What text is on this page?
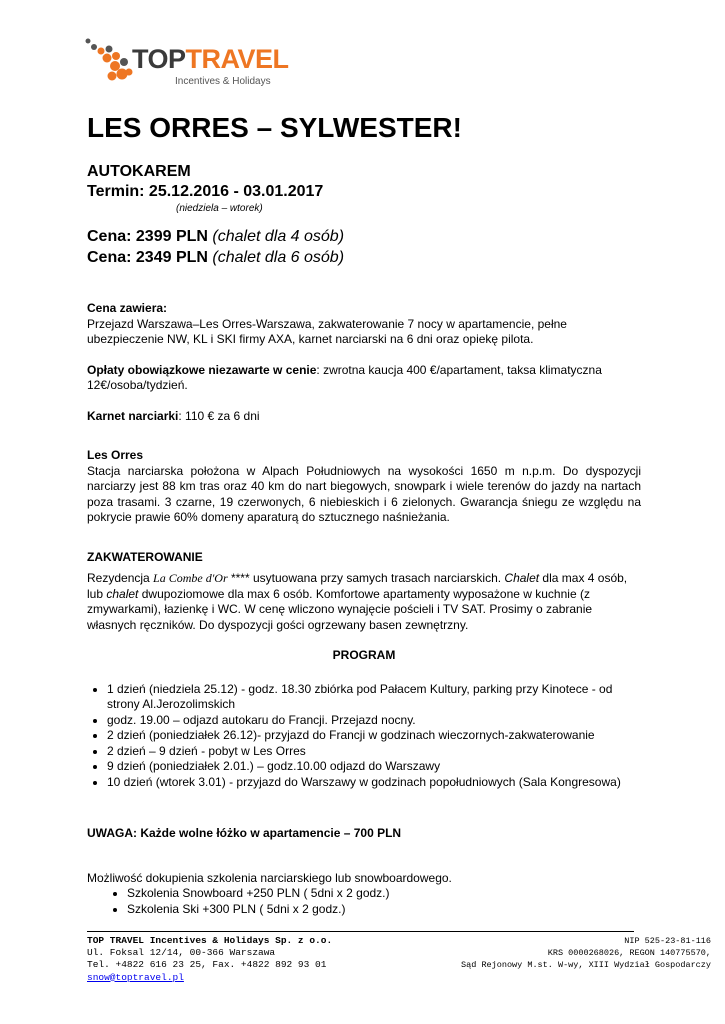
TOPTRAVEL
Incentives & Holidays
LES ORRES – SYLWESTER!
AUTOKAREM
Termin: 25.12.2016 - 03.01.2017
(niedziela – wtorek)
Cena: 2399 PLN (chalet dla 4 osób)
Cena: 2349 PLN (chalet dla 6 osób)

Cena zawiera:

Przejazd Warszawa–Les Orres-Warszawa, zakwaterowanie 7 nocy w apartamencie, pełne ubezpieczenie NW, KL i SKI firmy AXA, karnet narciarski na 6 dni oraz opiekę pilota.

Opłaty obowiązkowe niezawarte w cenie: zwrotna kaucja 400 €/apartament, taksa klimatyczna 12€/osoba/tydzień.

Karnet narciarki: 110 € za 6 dni

Les Orres

Stacja narciarska położona w Alpach Południowych na wysokości 1650 m n.p.m. Do dyspozycji narciarzy jest 88 km tras oraz 40 km do nart biegowych, snowpark i wiele terenów do jazdy na nartach poza trasami. 3 czarne, 19 czerwonych, 6 niebieskich i 6 zielonych. Gwarancja śniegu ze względu na pokrycie prawie 60% domeny aparaturą do sztucznego naśnieżania.

ZAKWATEROWANIE

Rezydencja La Combe d'Or **** usytuowana przy samych trasach narciarskich. Chalet dla max 4 osób, lub chalet dwupoziomowe dla max 6 osób. Komfortowe apartamenty wyposażone w kuchnie (z zmywarkami), łazienkę i WC. W cenę wliczono wynajęcie pościeli i TV SAT. Prosimy o zabranie własnych ręczników. Do dyspozycji gości ogrzewany basen zewnętrzny.

PROGRAM

• 1 dzień (niedziela 25.12) - godz. 18.30 zbiórka pod Pałacem Kultury, parking przy Kinotece - od strony Al.Jerozolimskich
• godz. 19.00 – odjazd autokaru do Francji. Przejazd nocny.
• 2 dzień (poniedziałek 26.12)- przyjazd do Francji w godzinach wieczornych-zakwaterowanie
• 2 dzień – 9 dzień - pobyt w Les Orres
• 9 dzień (poniedziałek 2.01.) – godz.10.00 odjazd do Warszawy
• 10 dzień (wtorek 3.01) - przyjazd do Warszawy w godzinach popołudniowych (Sala Kongresowa)

UWAGA: Każde wolne łóżko w apartamencie – 700 PLN

Możliwość dokupienia szkolenia narciarskiego lub snowboardowego.

• Szkolenia Snowboard +250 PLN ( 5dni x 2 godz.)
• Szkolenia Ski +300 PLN ( 5dni x 2 godz.)
TOP TRAVEL Incentives & Holidays Sp. z o.o.
Ul. Foksal 12/14, 00-366 Warszawa
Tel. +4822 616 23 25, Fax. +4822 892 93 01
snow@toptravel.pl
NIP 525-23-81-116
KRS 0000268026, REGON 140775570,
Sąd Rejonowy M.st. W-wy, XIII Wydział Gospodarczy
